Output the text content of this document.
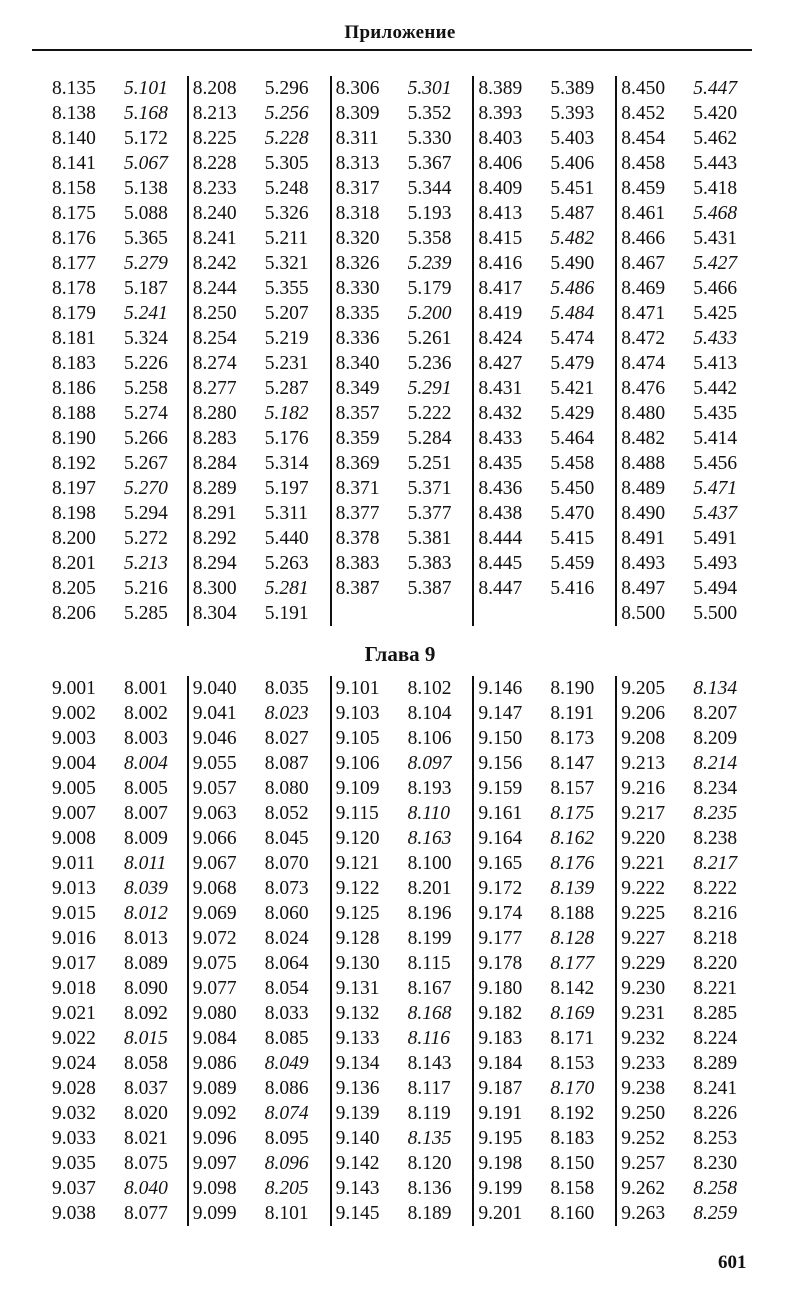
Приложение
8.135	5.101
8.138	5.168
8.140	5.172
8.141	5.067
8.158	5.138
8.175	5.088
8.176	5.365
8.177	5.279
8.178	5.187
8.179	5.241
8.181	5.324
8.183	5.226
8.186	5.258
8.188	5.274
8.190	5.266
8.192	5.267
8.197	5.270
8.198	5.294
8.200	5.272
8.201	5.213
8.205	5.216
8.206	5.285
8.208	5.296
8.213	5.256
8.225	5.228
8.228	5.305
8.233	5.248
8.240	5.326
8.241	5.211
8.242	5.321
8.244	5.355
8.250	5.207
8.254	5.219
8.274	5.231
8.277	5.287
8.280	5.182
8.283	5.176
8.284	5.314
8.289	5.197
8.291	5.311
8.292	5.440
8.294	5.263
8.300	5.281
8.304	5.191
8.306	5.301
8.309	5.352
8.311	5.330
8.313	5.367
8.317	5.344
8.318	5.193
8.320	5.358
8.326	5.239
8.330	5.179
8.335	5.200
8.336	5.261
8.340	5.236
8.349	5.291
8.357	5.222
8.359	5.284
8.369	5.251
8.371	5.371
8.377	5.377
8.378	5.381
8.383	5.383
8.387	5.387
8.389	5.389
8.393	5.393
8.403	5.403
8.406	5.406
8.409	5.451
8.413	5.487
8.415	5.482
8.416	5.490
8.417	5.486
8.419	5.484
8.424	5.474
8.427	5.479
8.431	5.421
8.432	5.429
8.433	5.464
8.435	5.458
8.436	5.450
8.438	5.470
8.444	5.415
8.445	5.459
8.447	5.416
8.450	5.447
8.452	5.420
8.454	5.462
8.458	5.443
8.459	5.418
8.461	5.468
8.466	5.431
8.467	5.427
8.469	5.466
8.471	5.425
8.472	5.433
8.474	5.413
8.476	5.442
8.480	5.435
8.482	5.414
8.488	5.456
8.489	5.471
8.490	5.437
8.491	5.491
8.493	5.493
8.497	5.494
8.500	5.500
Глава 9
9.001	8.001
9.002	8.002
9.003	8.003
9.004	8.004
9.005	8.005
9.007	8.007
9.008	8.009
9.011	8.011
9.013	8.039
9.015	8.012
9.016	8.013
9.017	8.089
9.018	8.090
9.021	8.092
9.022	8.015
9.024	8.058
9.028	8.037
9.032	8.020
9.033	8.021
9.035	8.075
9.037	8.040
9.038	8.077
9.040	8.035
9.041	8.023
9.046	8.027
9.055	8.087
9.057	8.080
9.063	8.052
9.066	8.045
9.067	8.070
9.068	8.073
9.069	8.060
9.072	8.024
9.075	8.064
9.077	8.054
9.080	8.033
9.084	8.085
9.086	8.049
9.089	8.086
9.092	8.074
9.096	8.095
9.097	8.096
9.098	8.205
9.099	8.101
9.101	8.102
9.103	8.104
9.105	8.106
9.106	8.097
9.109	8.193
9.115	8.110
9.120	8.163
9.121	8.100
9.122	8.201
9.125	8.196
9.128	8.199
9.130	8.115
9.131	8.167
9.132	8.168
9.133	8.116
9.134	8.143
9.136	8.117
9.139	8.119
9.140	8.135
9.142	8.120
9.143	8.136
9.145	8.189
9.146	8.190
9.147	8.191
9.150	8.173
9.156	8.147
9.159	8.157
9.161	8.175
9.164	8.162
9.165	8.176
9.172	8.139
9.174	8.188
9.177	8.128
9.178	8.177
9.180	8.142
9.182	8.169
9.183	8.171
9.184	8.153
9.187	8.170
9.191	8.192
9.195	8.183
9.198	8.150
9.199	8.158
9.201	8.160
9.205	8.134
9.206	8.207
9.208	8.209
9.213	8.214
9.216	8.234
9.217	8.235
9.220	8.238
9.221	8.217
9.222	8.222
9.225	8.216
9.227	8.218
9.229	8.220
9.230	8.221
9.231	8.285
9.232	8.224
9.233	8.289
9.238	8.241
9.250	8.226
9.252	8.253
9.257	8.230
9.262	8.258
9.263	8.259
601
